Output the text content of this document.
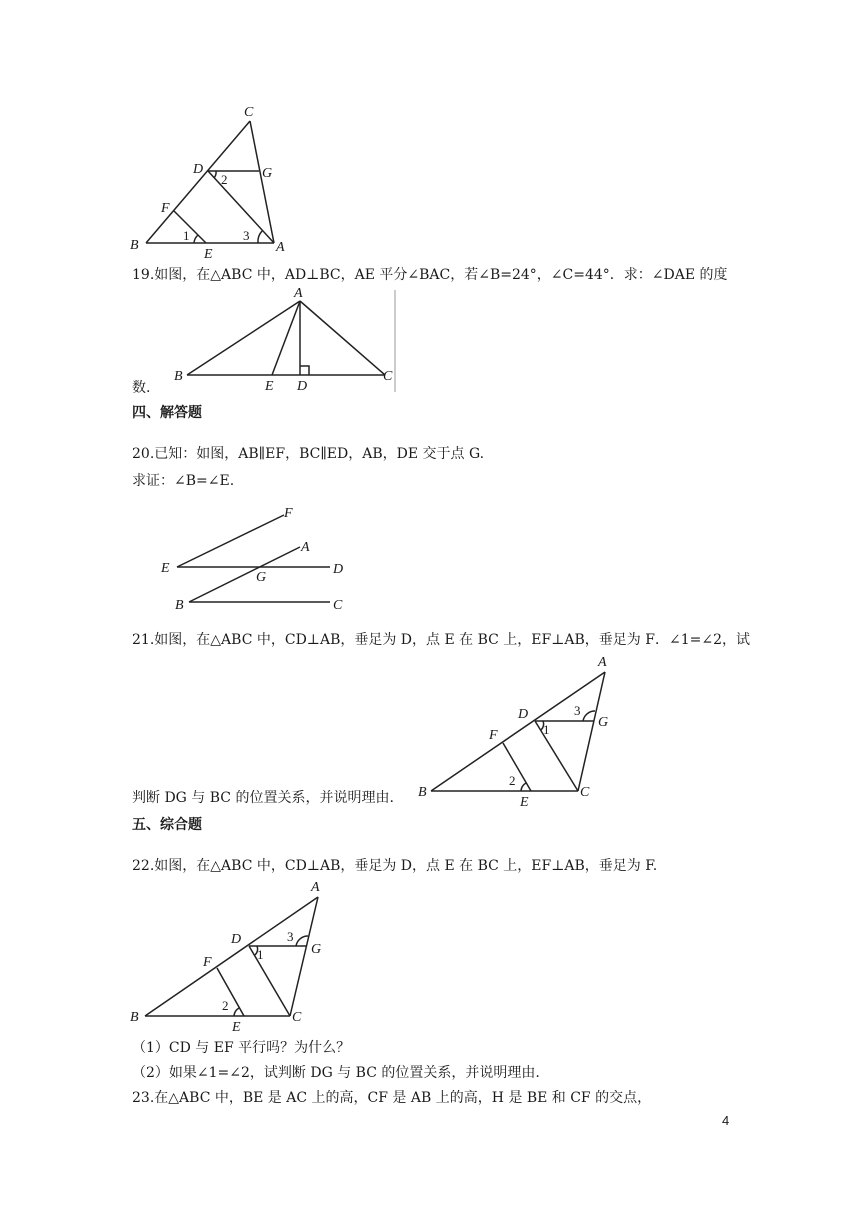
C
D	G
F
B
E	A
1
2
3
19.如图，在△ABC 中，AD⊥BC，AE 平分∠BAC，若∠B=24°，∠C=44°．求：∠DAE 的度
A
B
E D
C
数.
四、解答题
20.已知：如图，AB∥EF，BC∥ED，AB，DE 交于点 G.
求证：∠B=∠E.
F
A
E	D
G
B	C
21.如图，在△ABC 中，CD⊥AB，垂足为 D，点 E 在 BC 上，EF⊥AB，垂足为 F．∠1=∠2，试
A
D
G
F
B
E
C
1
2
3
判断 DG 与 BC 的位置关系，并说明理由.
五、综合题
22.如图，在△ABC 中，CD⊥AB，垂足为 D，点 E 在 BC 上，EF⊥AB，垂足为 F.
A
D
G
F
B
E
C
1
2
3
（1）CD 与 EF 平行吗？为什么？
（2）如果∠1=∠2，试判断 DG 与 BC 的位置关系，并说明理由.
23.在△ABC 中，BE 是 AC 上的高，CF 是 AB 上的高，H 是 BE 和 CF 的交点，
4
